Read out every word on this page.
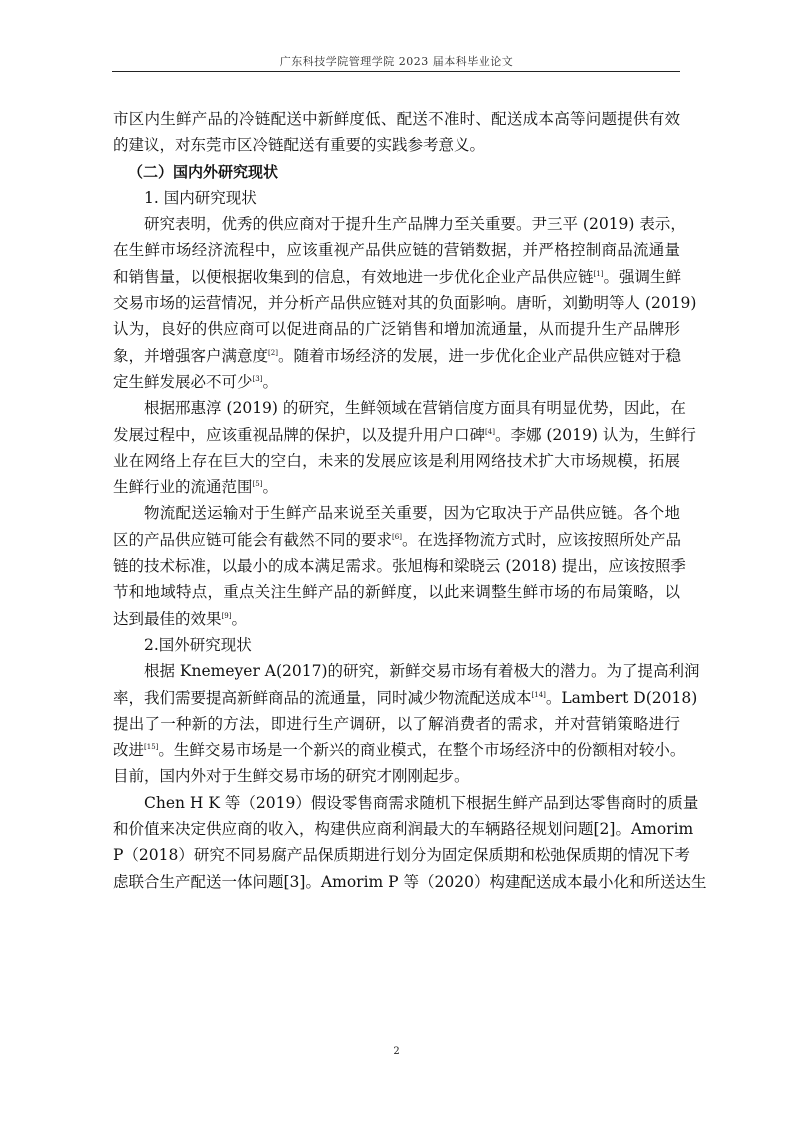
广东科技学院管理学院 2023 届本科毕业论文
市区内生鲜产品的冷链配送中新鲜度低、配送不准时、配送成本高等问题提供有效
的建议，对东莞市区冷链配送有重要的实践参考意义。
（二）国内外研究现状
1. 国内研究现状
研究表明，优秀的供应商对于提升生产品牌力至关重要。尹三平 (2019) 表示，
在生鲜市场经济流程中，应该重视产品供应链的营销数据，并严格控制商品流通量
和销售量，以便根据收集到的信息，有效地进一步优化企业产品供应链[1]。强调生鲜
交易市场的运营情况，并分析产品供应链对其的负面影响。唐昕，刘勤明等人 (2019)
认为，良好的供应商可以促进商品的广泛销售和增加流通量，从而提升生产品牌形
象，并增强客户满意度[2]。随着市场经济的发展，进一步优化企业产品供应链对于稳
定生鲜发展必不可少[3]。
根据邢惠淳 (2019) 的研究，生鲜领域在营销信度方面具有明显优势，因此，在
发展过程中，应该重视品牌的保护，以及提升用户口碑[4]。李娜 (2019) 认为，生鲜行
业在网络上存在巨大的空白，未来的发展应该是利用网络技术扩大市场规模，拓展
生鲜行业的流通范围[5]。
物流配送运输对于生鲜产品来说至关重要，因为它取决于产品供应链。各个地
区的产品供应链可能会有截然不同的要求[6]。在选择物流方式时，应该按照所处产品
链的技术标准，以最小的成本满足需求。张旭梅和梁晓云 (2018) 提出，应该按照季
节和地域特点，重点关注生鲜产品的新鲜度，以此来调整生鲜市场的布局策略，以
达到最佳的效果[9]。
2.国外研究现状
根据 Knemeyer A(2017)的研究，新鲜交易市场有着极大的潜力。为了提高利润
率，我们需要提高新鲜商品的流通量，同时减少物流配送成本[14]。Lambert D(2018)
提出了一种新的方法，即进行生产调研，以了解消费者的需求，并对营销策略进行
改进[15]。生鲜交易市场是一个新兴的商业模式，在整个市场经济中的份额相对较小。
目前，国内外对于生鲜交易市场的研究才刚刚起步。
Chen H K 等（2019）假设零售商需求随机下根据生鲜产品到达零售商时的质量
和价值来决定供应商的收入，构建供应商利润最大的车辆路径规划问题[2]。Amorim
P（2018）研究不同易腐产品保质期进行划分为固定保质期和松弛保质期的情况下考
虑联合生产配送一体问题[3]。Amorim P 等（2020）构建配送成本最小化和所送达生
2
